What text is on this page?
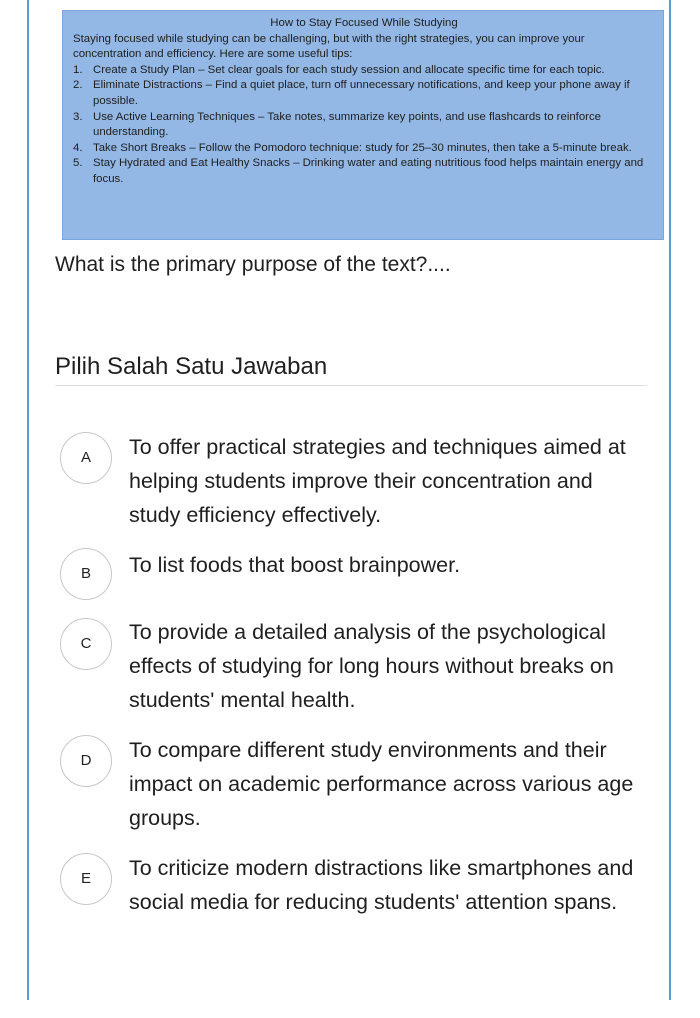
How to Stay Focused While Studying

Staying focused while studying can be challenging, but with the right strategies, you can improve your concentration and efficiency. Here are some useful tips:

1. Create a Study Plan – Set clear goals for each study session and allocate specific time for each topic.
2. Eliminate Distractions – Find a quiet place, turn off unnecessary notifications, and keep your phone away if possible.
3. Use Active Learning Techniques – Take notes, summarize key points, and use flashcards to reinforce understanding.
4. Take Short Breaks – Follow the Pomodoro technique: study for 25–30 minutes, then take a 5-minute break.
5. Stay Hydrated and Eat Healthy Snacks – Drinking water and eating nutritious food helps maintain energy and focus.
What is the primary purpose of the text?....
Pilih Salah Satu Jawaban
A	To offer practical strategies and techniques aimed at helping students improve their concentration and study efficiency effectively.
B	To list foods that boost brainpower.
C	To provide a detailed analysis of the psychological effects of studying for long hours without breaks on students' mental health.
D	To compare different study environments and their impact on academic performance across various age groups.
E	To criticize modern distractions like smartphones and social media for reducing students' attention spans.
